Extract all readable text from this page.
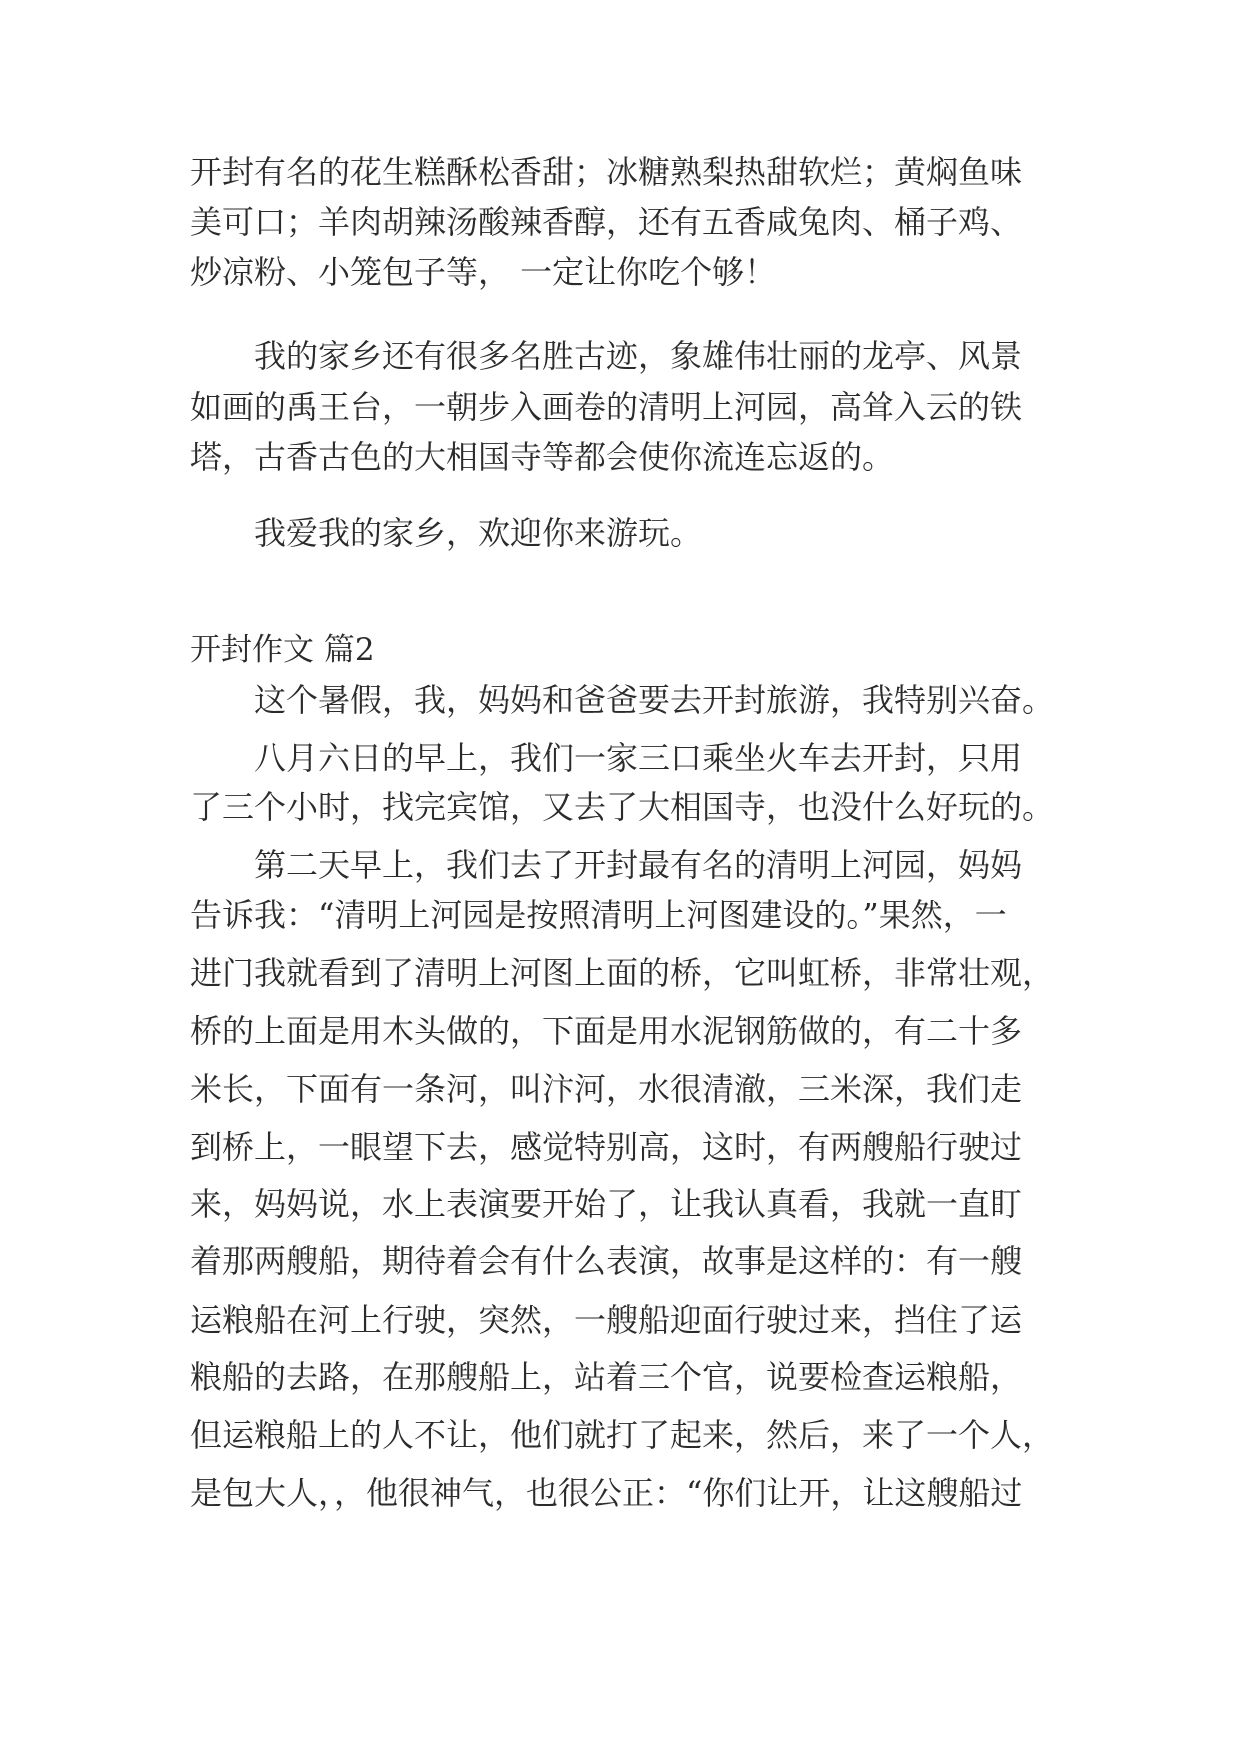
开封有名的花生糕酥松香甜；冰糖熟梨热甜软烂；黄焖鱼味
美可口；羊肉胡辣汤酸辣香醇，还有五香咸兔肉、桶子鸡、
炒凉粉、小笼包子等， 一定让你吃个够！
我的家乡还有很多名胜古迹，象雄伟壮丽的龙亭、风景
如画的禹王台，一朝步入画卷的清明上河园，高耸入云的铁
塔，古香古色的大相国寺等都会使你流连忘返的。
我爱我的家乡，欢迎你来游玩。
开封作文 篇2
这个暑假，我，妈妈和爸爸要去开封旅游，我特别兴奋。
八月六日的早上，我们一家三口乘坐火车去开封，只用
了三个小时，找完宾馆，又去了大相国寺，也没什么好玩的。
第二天早上，我们去了开封最有名的清明上河园，妈妈
告诉我：“清明上河园是按照清明上河图建设的。”果然，一
进门我就看到了清明上河图上面的桥，它叫虹桥，非常壮观，
桥的上面是用木头做的，下面是用水泥钢筋做的，有二十多
米长，下面有一条河，叫汴河，水很清澈，三米深，我们走
到桥上，一眼望下去，感觉特别高，这时，有两艘船行驶过
来，妈妈说，水上表演要开始了，让我认真看，我就一直盯
着那两艘船，期待着会有什么表演，故事是这样的：有一艘
运粮船在河上行驶，突然，一艘船迎面行驶过来，挡住了运
粮船的去路，在那艘船上，站着三个官，说要检查运粮船，
但运粮船上的人不让，他们就打了起来，然后，来了一个人，
是包大人，，他很神气，也很公正：“你们让开，让这艘船过
